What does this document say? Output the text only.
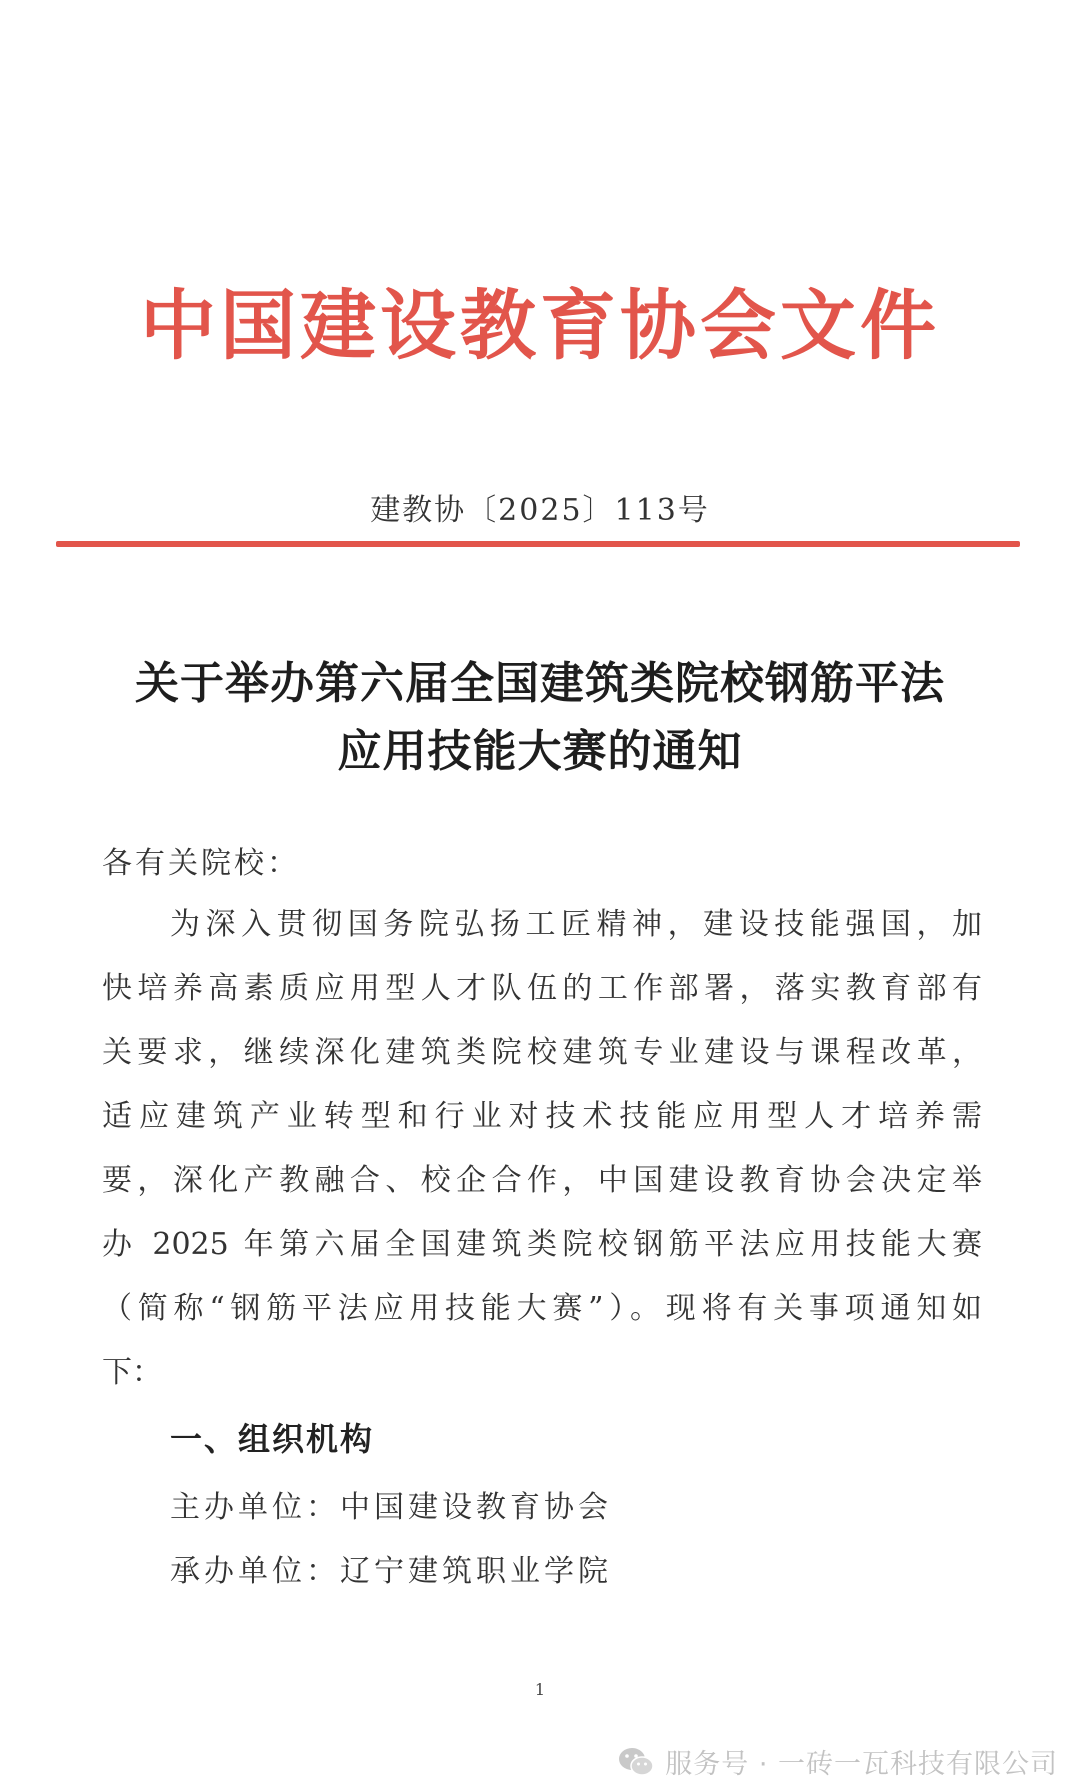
中国建设教育协会文件
建教协〔2025〕113号
关于举办第六届全国建筑类院校钢筋平法
应用技能大赛的通知
各有关院校：
为深入贯彻国务院弘扬工匠精神，建设技能强国，加
快培养高素质应用型人才队伍的工作部署，落实教育部有
关要求，继续深化建筑类院校建筑专业建设与课程改革，
适应建筑产业转型和行业对技术技能应用型人才培养需
要，深化产教融合、校企合作，中国建设教育协会决定举
办 2025 年第六届全国建筑类院校钢筋平法应用技能大赛
（简称“钢筋平法应用技能大赛”）。现将有关事项通知如
下：
一、组织机构
主办单位：中国建设教育协会
承办单位：辽宁建筑职业学院
1
服务号 · 一砖一瓦科技有限公司
